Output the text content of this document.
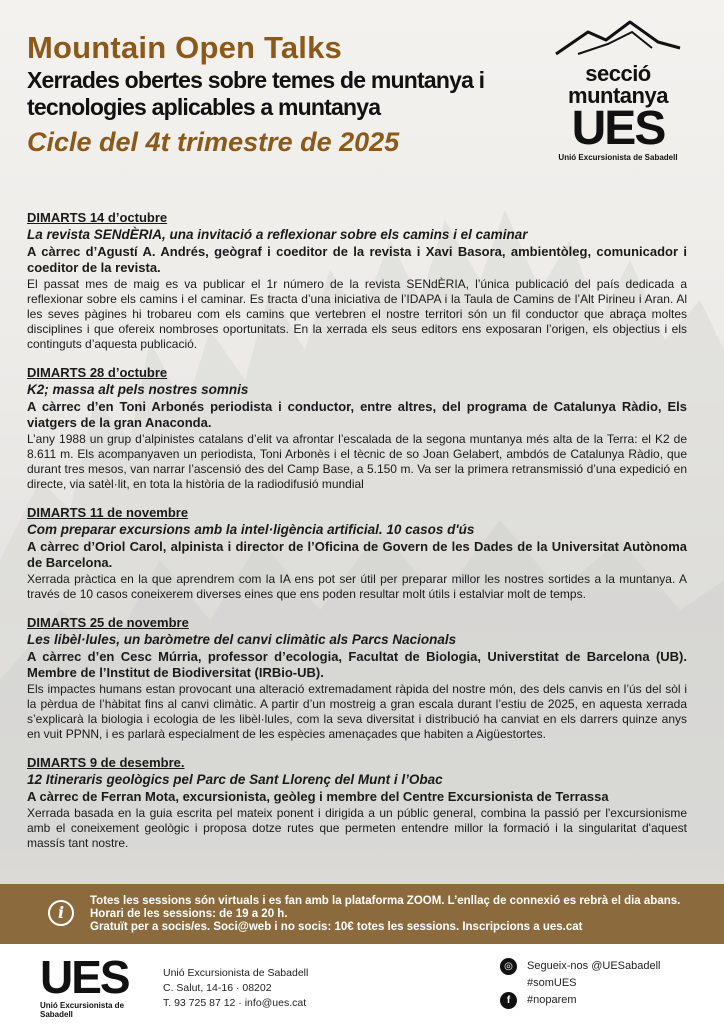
Mountain Open Talks
Xerrades obertes sobre temes de muntanya i tecnologies aplicables a muntanya
Cicle del 4t trimestre de 2025
secció
muntanya
UES
Unió Excursionista de Sabadell
DIMARTS 14 d’octubre
La revista SENdÈRIA, una invitació a reflexionar sobre els camins i el caminar
A càrrec d’Agustí A. Andrés, geògraf i coeditor de la revista i Xavi Basora, ambientòleg, comunicador i coeditor de la revista.
El passat mes de maig es va publicar el 1r número de la revista SENdÈRIA, l’única publicació del país dedicada a reflexionar sobre els camins i el caminar. Es tracta d’una iniciativa de l’IDAPA i la Taula de Camins de l’Alt Pirineu i Aran. Al les seves pàgines hi trobareu com els camins que vertebren el nostre territori són un fil conductor que abraça moltes disciplines i que ofereix nombroses oportunitats. En la xerrada els seus editors ens exposaran l’origen, els objectius i els continguts d’aquesta publicació.
DIMARTS 28 d’octubre
K2; massa alt pels nostres somnis
A càrrec d’en Toni Arbonés periodista i conductor, entre altres, del programa de Catalunya Ràdio, Els viatgers de la gran Anaconda.
L’any 1988 un grup d’alpinistes catalans d’elit va afrontar l’escalada de la segona muntanya més alta de la Terra: el K2 de 8.611 m. Els acompanyaven un periodista, Toni Arbonès i el tècnic de so Joan Gelabert, ambdós de Catalunya Ràdio, que durant tres mesos, van narrar l’ascensió des del Camp Base, a 5.150 m. Va ser la primera retransmissió d’una expedició en directe, via satèl·lit, en tota la història de la radiodifusió mundial
DIMARTS 11 de novembre
Com preparar excursions amb la intel·ligència artificial. 10 casos d'ús
A càrrec d’Oriol Carol, alpinista i director de l’Oficina de Govern de les Dades de la Universitat Autònoma de Barcelona.
Xerrada pràctica en la que aprendrem com la IA ens pot ser útil per preparar millor les nostres sortides a la muntanya. A través de 10 casos coneixerem diverses eines que ens poden resultar molt útils i estalviar molt de temps.
DIMARTS 25 de novembre
Les libèl·lules, un baròmetre del canvi climàtic als Parcs Nacionals
A càrrec d’en Cesc Múrria, professor d’ecologia, Facultat de Biologia, Universtitat de Barcelona (UB). Membre de l’Institut de Biodiversitat (IRBio-UB).
Els impactes humans estan provocant una alteració extremadament ràpida del nostre món, des dels canvis en l’ús del sòl i la pèrdua de l’hàbitat fins al canvi climàtic. A partir d’un mostreig a gran escala durant l’estiu de 2025, en aquesta xerrada s’explicarà la biologia i ecologia de les libèl·lules, com la seva diversitat i distribució ha canviat en els darrers quinze anys en vuit PPNN, i es parlarà especialment de les espècies amenaçades que habiten a Aigüestortes.
DIMARTS 9 de desembre.
12 Itineraris geològics pel Parc de Sant Llorenç del Munt i l’Obac
A càrrec de Ferran Mota, excursionista, geòleg i membre del Centre Excursionista de Terrassa
Xerrada basada en la guia escrita pel mateix ponent i dirigida a un públic general, combina la passió per l'excursionisme amb el coneixement geològic i proposa dotze rutes que permeten entendre millor la formació i la singularitat d'aquest massís tant nostre.
i
Totes les sessions són virtuals i es fan amb la plataforma ZOOM. L’enllaç de connexió es rebrà el dia abans.
Horari de les sessions: de 19 a 20 h.
Gratuït per a socis/es. Soci@web i no socis: 10€ totes les sessions. Inscripcions a ues.cat
UES
Unió Excursionista de Sabadell
Unió Excursionista de Sabadell
C. Salut, 14-16 · 08202
T. 93 725 87 12 · info@ues.cat
◎	Segueix-nos @UESabadell
#somUES
f	#noparem
